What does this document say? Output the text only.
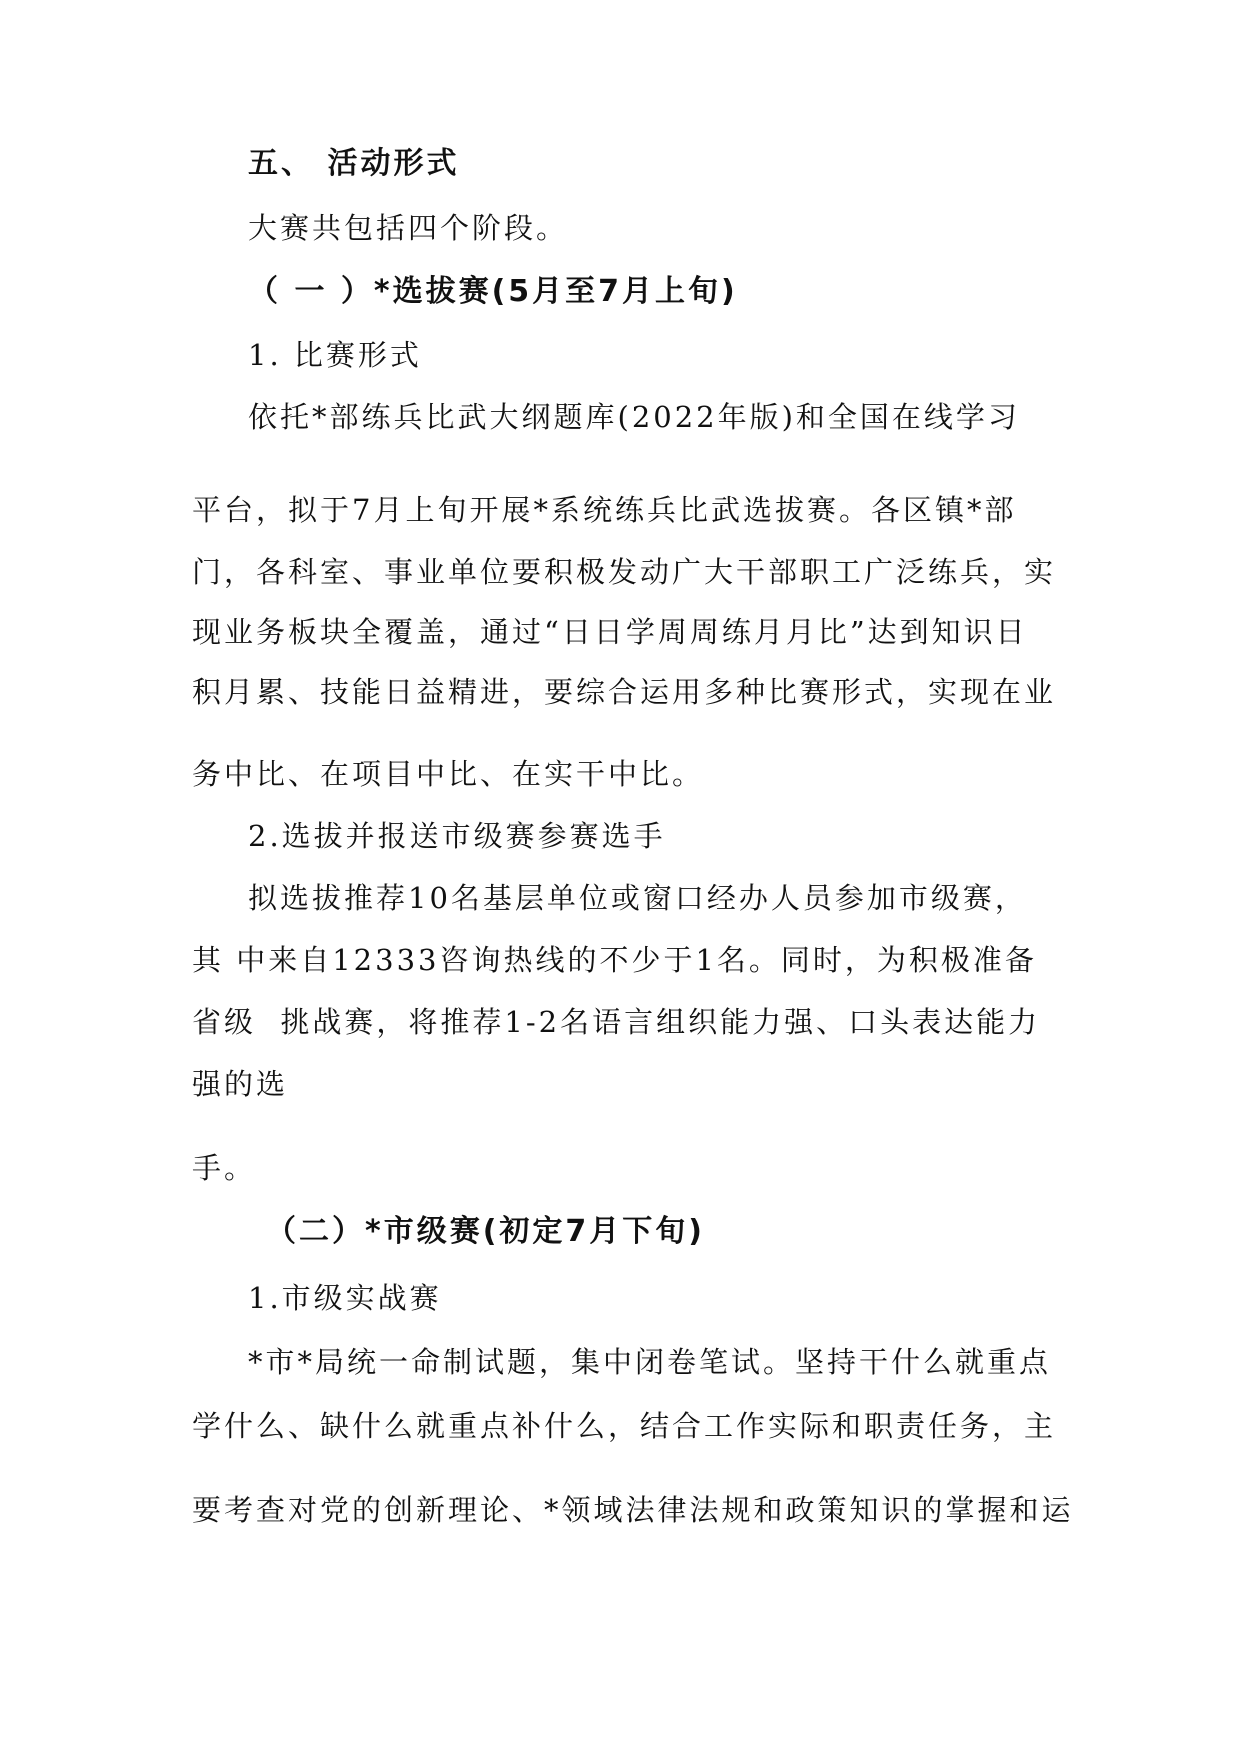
五、 活动形式
大赛共包括四个阶段。
（ 一 ）*选拔赛(5月至7月上旬)
1. 比赛形式
依托*部练兵比武大纲题库(2022年版)和全国在线学习
平台，拟于7月上旬开展*系统练兵比武选拔赛。各区镇*部
门，各科室、事业单位要积极发动广大干部职工广泛练兵，实
现业务板块全覆盖，通过“日日学周周练月月比”达到知识日
积月累、技能日益精进，要综合运用多种比赛形式，实现在业
务中比、在项目中比、在实干中比。
2.选拔并报送市级赛参赛选手
拟选拔推荐10名基层单位或窗口经办人员参加市级赛，
其 中来自12333咨询热线的不少于1名。同时，为积极准备
省级  挑战赛，将推荐1-2名语言组织能力强、口头表达能力
强的选
手。
（二）*市级赛(初定7月下旬)
1.市级实战赛
*市*局统一命制试题，集中闭卷笔试。坚持干什么就重点
学什么、缺什么就重点补什么，结合工作实际和职责任务，主
要考查对党的创新理论、*领域法律法规和政策知识的掌握和运
